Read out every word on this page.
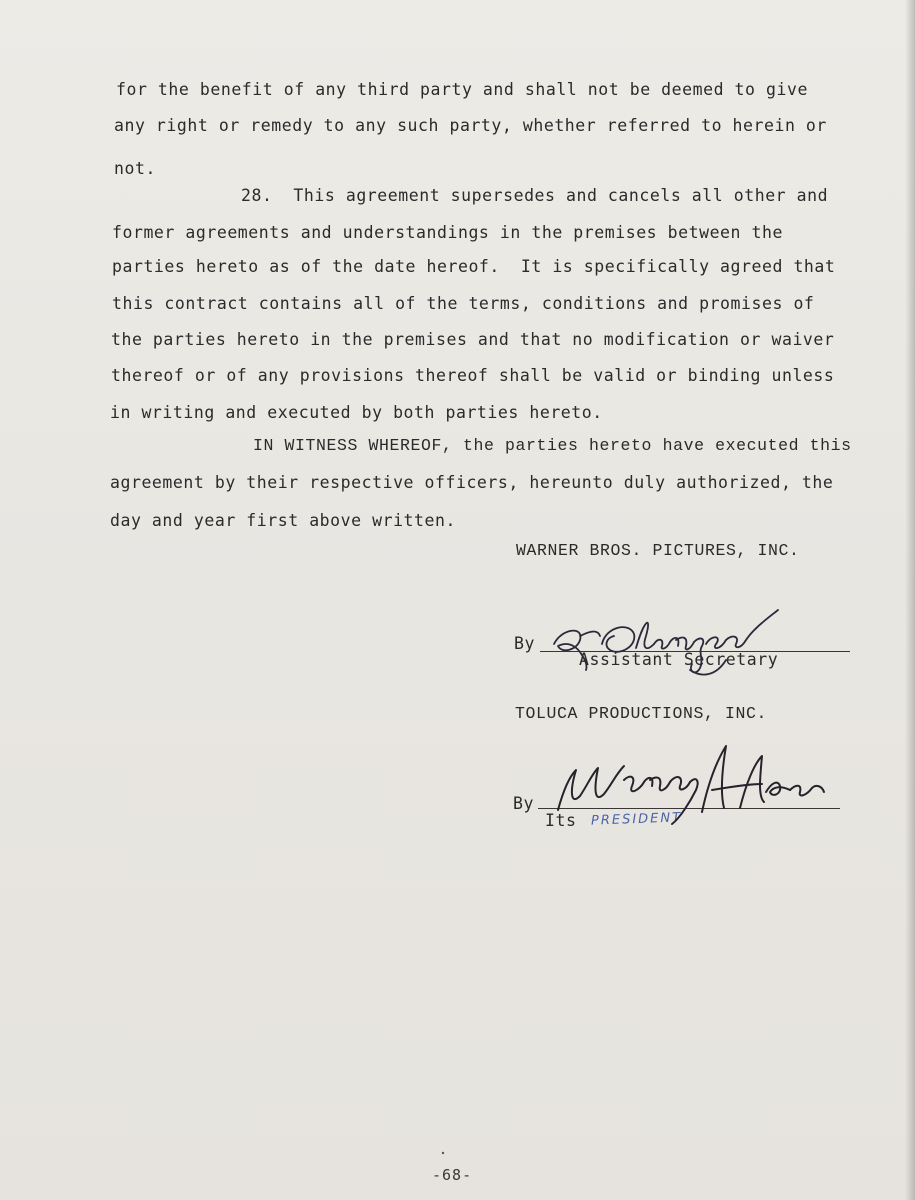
for the benefit of any third party and shall not be deemed to give
any right or remedy to any such party, whether referred to herein or
not.
28.  This agreement supersedes and cancels all other and
former agreements and understandings in the premises between the
parties hereto as of the date hereof.  It is specifically agreed that
this contract contains all of the terms, conditions and promises of
the parties hereto in the premises and that no modification or waiver
thereof or of any provisions thereof shall be valid or binding unless
in writing and executed by both parties hereto.
IN WITNESS WHEREOF, the parties hereto have executed this
agreement by their respective officers, hereunto duly authorized, the
day and year first above written.
WARNER BROS. PICTURES, INC.
By
Assistant Secretary
TOLUCA PRODUCTIONS, INC.
By
Its PRESIDENT
-68-
